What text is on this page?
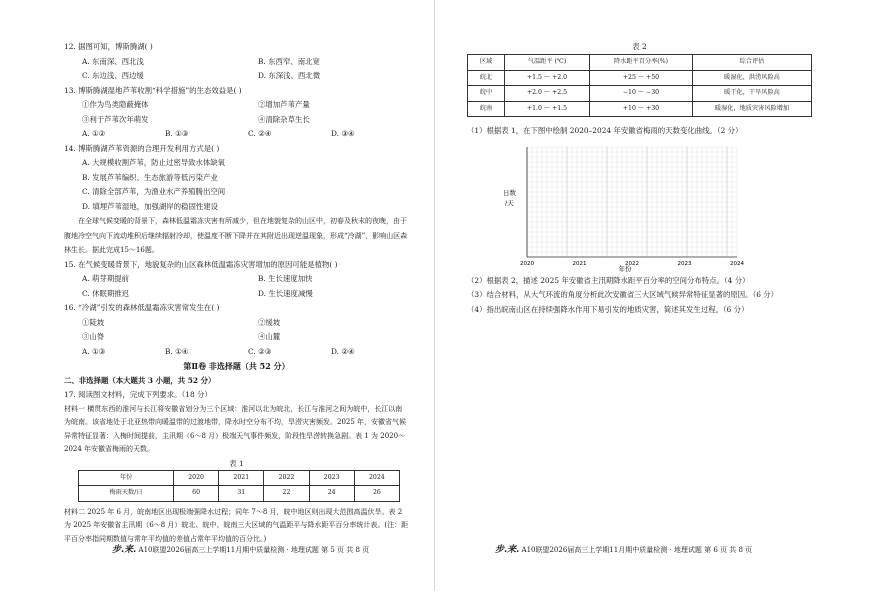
12. 据图可知，博斯腾湖( )
A. 东南深、西北浅	B. 东西窄、南北宽
C. 东边浅、西边缓	D. 东深浅、西北微
13. 博斯腾湖湿地芦苇收割“科学措施”的生态效益是( )
①作为鸟类隐蔽掩体	②增加芦苇产量
③利于芦苇次年萌发	④清除杂草生长
A. ①②	B. ①③	C. ②④	D. ③④
14. 博斯腾湖芦苇资源的合理开发利用方式是( )
A. 大规模收割芦苇，防止过密导致水体缺氧
B. 发展芦苇编织、生态旅游等低污染产业
C. 清除全部芦苇，为渔业水产养殖腾出空间
D. 填埋芦苇湿地，加强湖岸的稳固性建设
在全球气候变暖的背景下，森林低温霜冻灾害有所减少，但在地貌复杂的山区中，初春及秋末的夜晚，由于腹地冷空气向下流动堆积后继续辐射冷却，使温度不断下降并在其附近出现逆温现象，形成“冷湖”，影响山区森林生长。据此完成15～16题。
15. 在气候变暖背景下，地貌复杂的山区森林低温霜冻灾害增加的原因可能是植物( )
A. 萌芽期提前	B. 生长速度加快
C. 休眠期推迟	D. 生长速度减慢
16. “冷湖”引发的森林低温霜冻灾害常发生在( )
①陡坡	②缓坡
③山脊	④山麓
A. ①③	B. ①④	C. ②③	D. ②④
第Ⅱ卷 非选择题（共 52 分）
二、非选择题（本大题共 3 小题，共 52 分）
17. 阅读图文材料，完成下列要求。（18 分）
材料一 横贯东西的淮河与长江将安徽省划分为三个区域：淮河以北为皖北，长江与淮河之间为皖中，长江以南为皖南。该省地处于北亚热带向暖温带的过渡地带，降水时空分布不均，旱涝灾害频发。2025 年，安徽省气候异常特征显著：入梅时间提前，主汛期（6～8 月）极端天气事件频发，阶段性旱涝转换急剧。表 1 为 2020～2024 年安徽省梅雨的天数。
表 1
年份	2020	2021	2022	2023	2024
梅雨天数/日	60	31	22	24	26
材料二 2025 年 6 月，皖南地区出现极端强降水过程；同年 7～8 月，皖中地区则出现大范围高温伏旱。表 2 为 2025 年安徽省主汛期（6～8 月）皖北、皖中、皖南三大区域的气温距平与降水距平百分率统计表。(注：距平百分率指同期数值与常年平均值的差值占常年平均值的百分比。)
步.来. A10联盟2026届高三上学期11月期中质量检测 · 地理试题 第 5 页 共 8 页
表 2
区域	气温距平 (℃)	降水距平百分率(%)	综合评估
皖北	+1.5 ～ +2.0	+25 ～ +50	暖湿化，洪涝风险高
皖中	+2.0 ～ +2.5	−10 ～ −30	暖干化，干旱风险高
皖南	+1.0 ～ +1.5	+10 ～ +30	暖湿化，地质灾害风险增加
（1）根据表 1，在下图中绘制 2020–2024 年安徽省梅雨的天数变化曲线。（2 分）
2020	2021	2022	2023	2024
日数
/天
年份
（2）根据表 2，描述 2025 年安徽省主汛期降水距平百分率的空间分布特点。（4 分）
（3）结合材料，从大气环流的角度分析此次安徽省三大区域气候异常特征显著的原因。（6 分）
（4）指出皖南山区在持续强降水作用下易引发的地质灾害，简述其发生过程。（6 分）
步.来. A10联盟2026届高三上学期11月期中质量检测 · 地理试题 第 6 页 共 8 页
